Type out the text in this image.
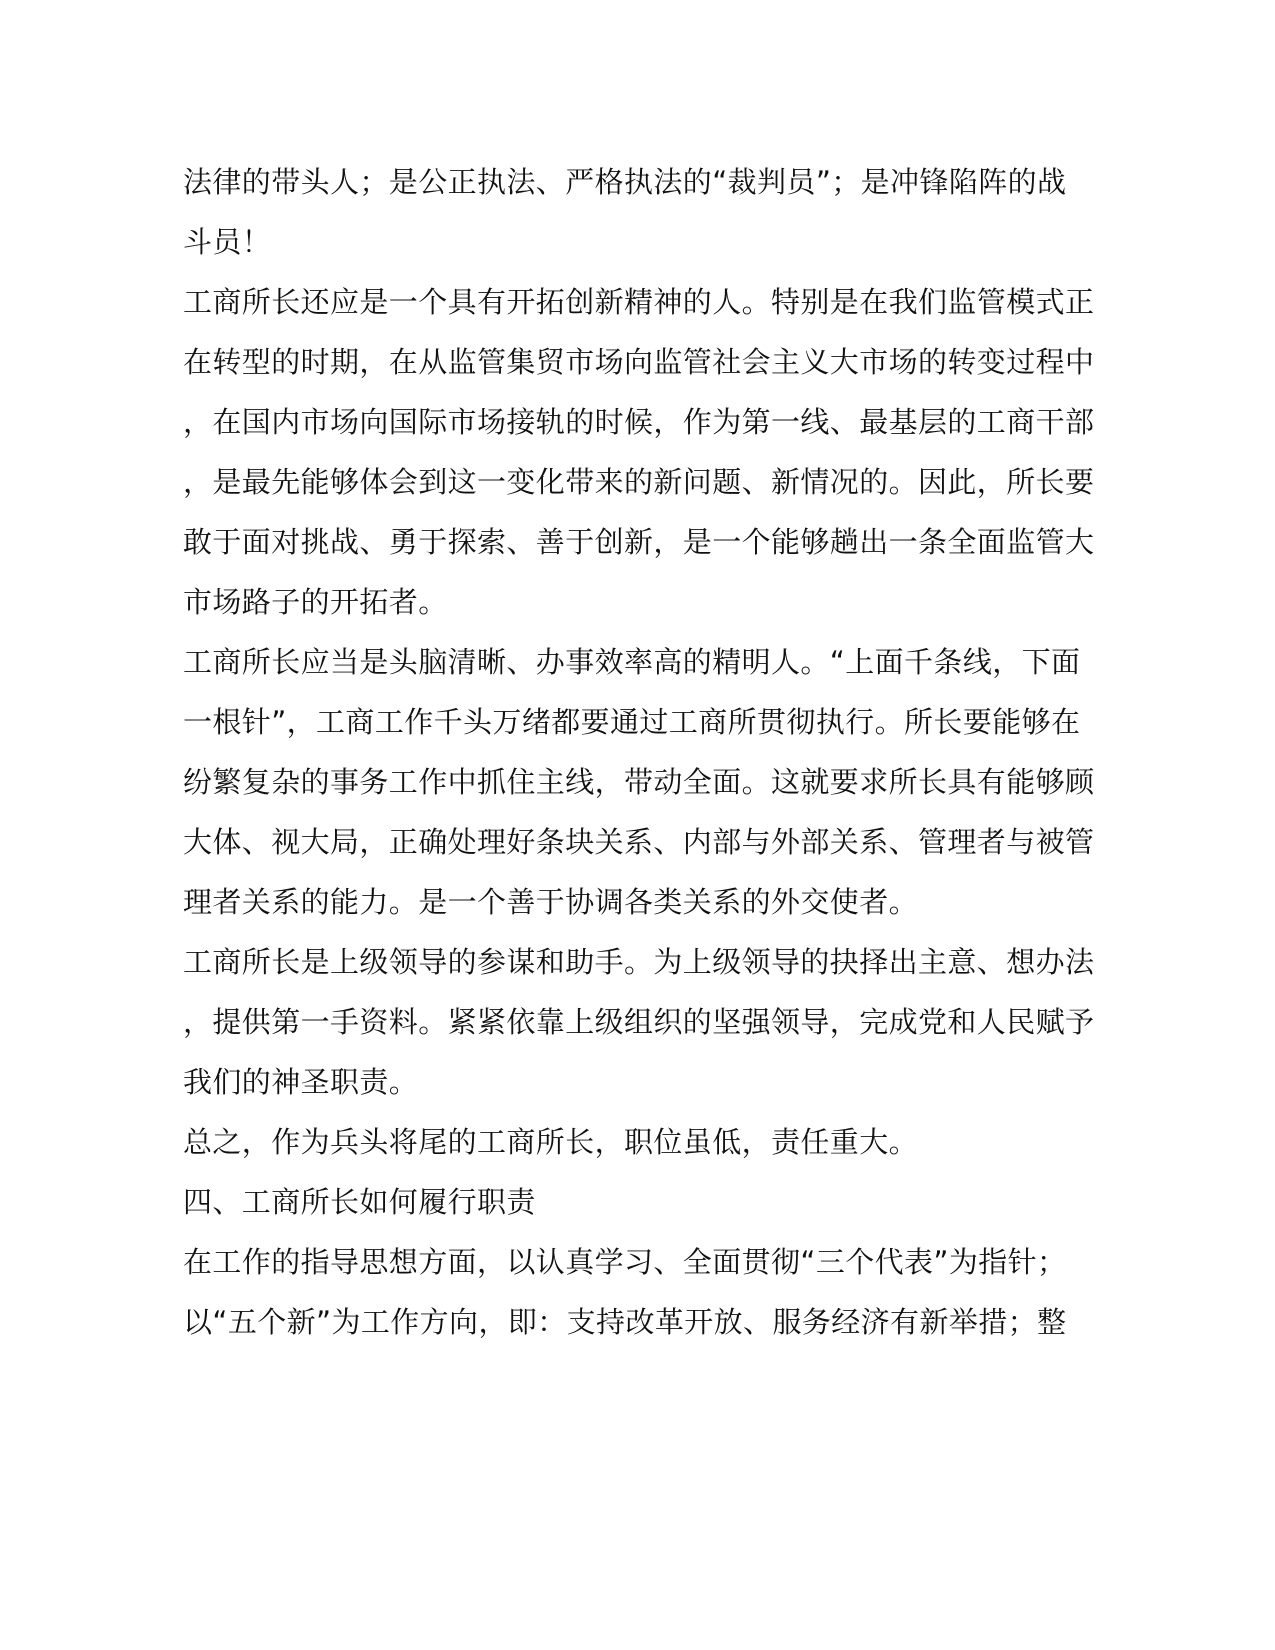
法律的带头人；是公正执法、严格执法的“裁判员”；是冲锋陷阵的战
斗员！
工商所长还应是一个具有开拓创新精神的人。特别是在我们监管模式正
在转型的时期，在从监管集贸市场向监管社会主义大市场的转变过程中
，在国内市场向国际市场接轨的时候，作为第一线、最基层的工商干部
，是最先能够体会到这一变化带来的新问题、新情况的。因此，所长要
敢于面对挑战、勇于探索、善于创新，是一个能够趟出一条全面监管大
市场路子的开拓者。
工商所长应当是头脑清晰、办事效率高的精明人。“上面千条线，下面
一根针”，工商工作千头万绪都要通过工商所贯彻执行。所长要能够在
纷繁复杂的事务工作中抓住主线，带动全面。这就要求所长具有能够顾
大体、视大局，正确处理好条块关系、内部与外部关系、管理者与被管
理者关系的能力。是一个善于协调各类关系的外交使者。
工商所长是上级领导的参谋和助手。为上级领导的抉择出主意、想办法
，提供第一手资料。紧紧依靠上级组织的坚强领导，完成党和人民赋予
我们的神圣职责。
总之，作为兵头将尾的工商所长，职位虽低，责任重大。
四、工商所长如何履行职责
在工作的指导思想方面，以认真学习、全面贯彻“三个代表”为指针；
以“五个新”为工作方向，即：支持改革开放、服务经济有新举措；整
